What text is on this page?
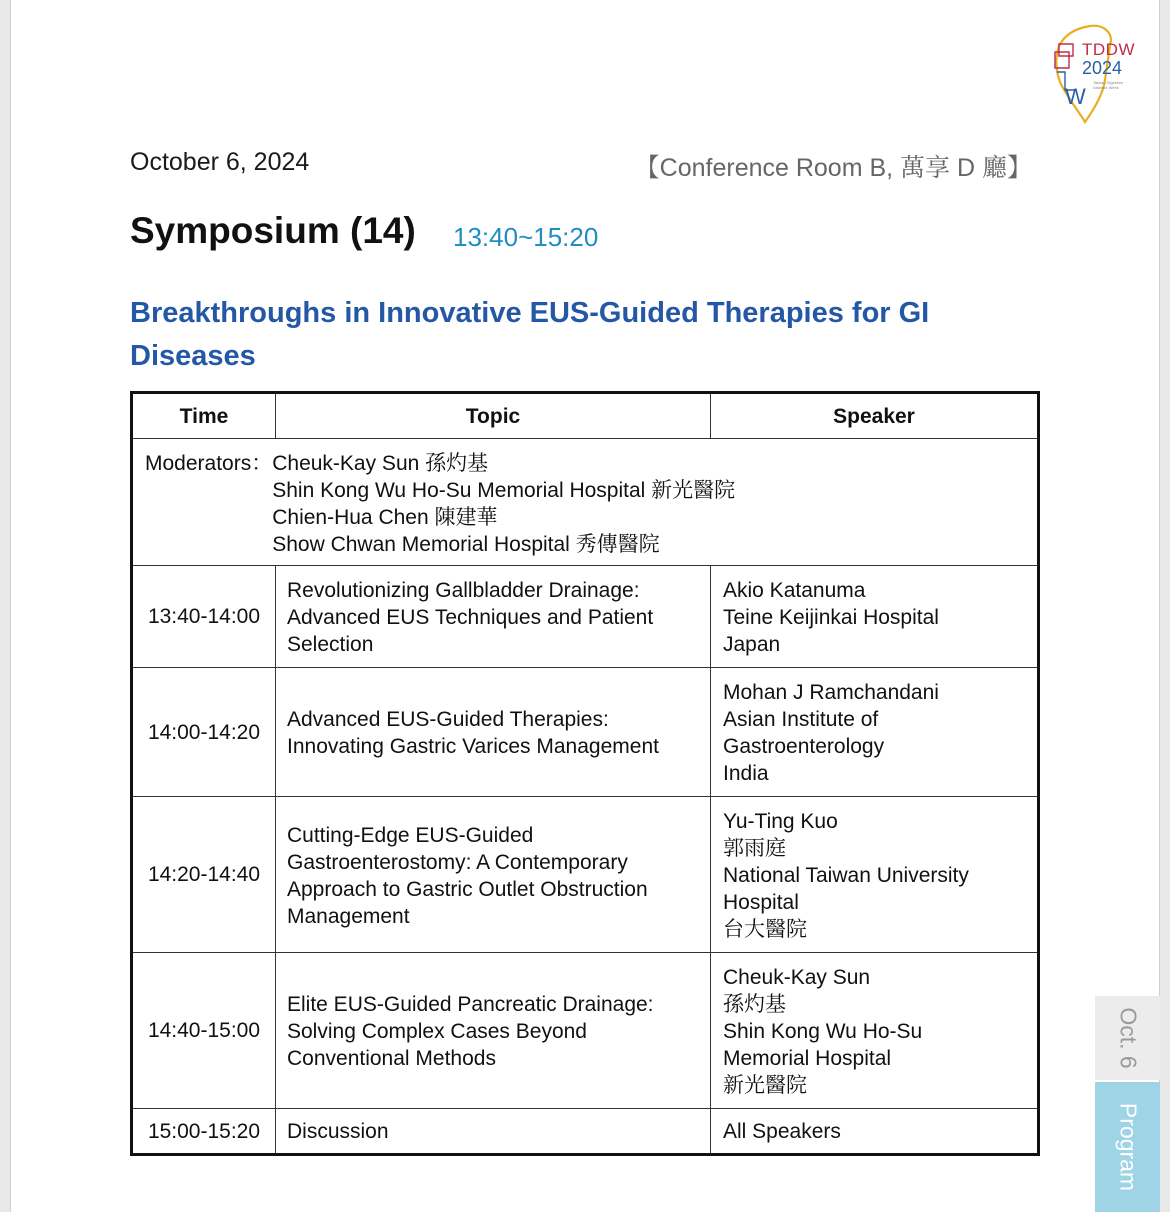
W
TDDW
2024
Taiwan Digestive Disease Week
October 6, 2024	【Conference Room B, 萬享 D 廳】
Symposium (14) 13:40~15:20
Breakthroughs in Innovative EUS-Guided Therapies for GI Diseases
Time	Topic	Speaker

Moderators： Cheuk-Kay Sun 孫灼基
Shin Kong Wu Ho-Su Memorial Hospital 新光醫院
Chien-Hua Chen 陳建華
Show Chwan Memorial Hospital 秀傳醫院		

13:40-14:00	Revolutionizing Gallbladder Drainage:
Advanced EUS Techniques and Patient
Selection	Akio Katanuma
Teine Keijinkai Hospital
Japan

14:00-14:20	Advanced EUS-Guided Therapies:
Innovating Gastric Varices Management	Mohan J Ramchandani
Asian Institute of
Gastroenterology
India

14:20-14:40	Cutting-Edge EUS-Guided
Gastroenterostomy: A Contemporary
Approach to Gastric Outlet Obstruction
Management	Yu-Ting Kuo
郭雨庭
National Taiwan University
Hospital
台大醫院

14:40-15:00	Elite EUS-Guided Pancreatic Drainage:
Solving Complex Cases Beyond
Conventional Methods	Cheuk-Kay Sun
孫灼基
Shin Kong Wu Ho-Su
Memorial Hospital
新光醫院

15:00-15:20	Discussion	All Speakers
Oct. 6
Program
